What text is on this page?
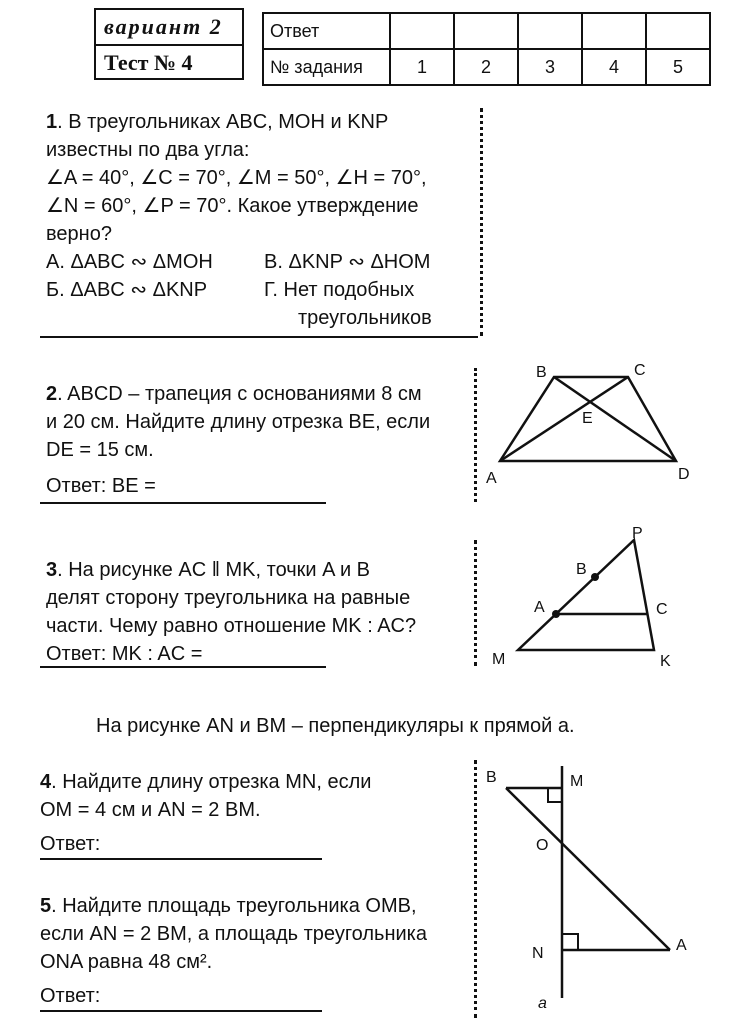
вариант 2
Тест № 4
Ответ					
№ задания	1	2	3	4	5
1. В треугольниках ABC, MOH и KNP
известны по два угла:
∠A = 40°, ∠C = 70°, ∠M = 50°, ∠H = 70°,
∠N = 60°, ∠P = 70°. Какое утверждение
верно?
А. ΔABC ∾ ΔMOH	В. ΔKNP ∾ ΔHOM
Б. ΔABC ∾ ΔKNP	Г. Нет подобных
треугольников
2. ABCD – трапеция с основаниями 8 см
и 20 см. Найдите длину отрезка BE, если
DE = 15 см.
Ответ: BE =
B	C
E
A	D
3. На рисунке AC ǁ MK, точки A и B
делят сторону треугольника на равные
части. Чему равно отношение MK : AC?
Ответ: MK : AC =
P
B
A	C
M	K
На рисунке AN и BM – перпендикуляры к прямой a.
4. Найдите длину отрезка MN, если
OM = 4 см и AN = 2 BM.
Ответ:
5. Найдите площадь треугольника OMB,
если AN = 2 BM, а площадь треугольника
ONA равна 48 см².
Ответ:
B	M
O
N	A
a
